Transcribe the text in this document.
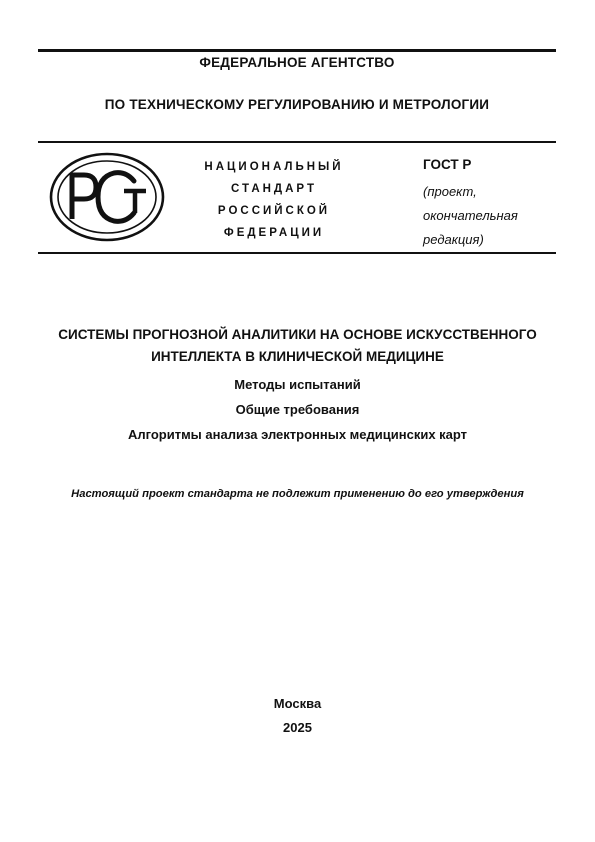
ФЕДЕРАЛЬНОЕ АГЕНТСТВО
ПО ТЕХНИЧЕСКОМУ РЕГУЛИРОВАНИЮ И МЕТРОЛОГИИ
НАЦИОНАЛЬНЫЙ
СТАНДАРТ
РОССИЙСКОЙ
ФЕДЕРАЦИИ
ГОСТ Р
(проект,
окончательная
редакция)
СИСТЕМЫ ПРОГНОЗНОЙ АНАЛИТИКИ НА ОСНОВЕ ИСКУССТВЕННОГО
ИНТЕЛЛЕКТА В КЛИНИЧЕСКОЙ МЕДИЦИНЕ
Методы испытаний
Общие требования
Алгоритмы анализа электронных медицинских карт
Настоящий проект стандарта не подлежит применению до его утверждения
Москва
2025
